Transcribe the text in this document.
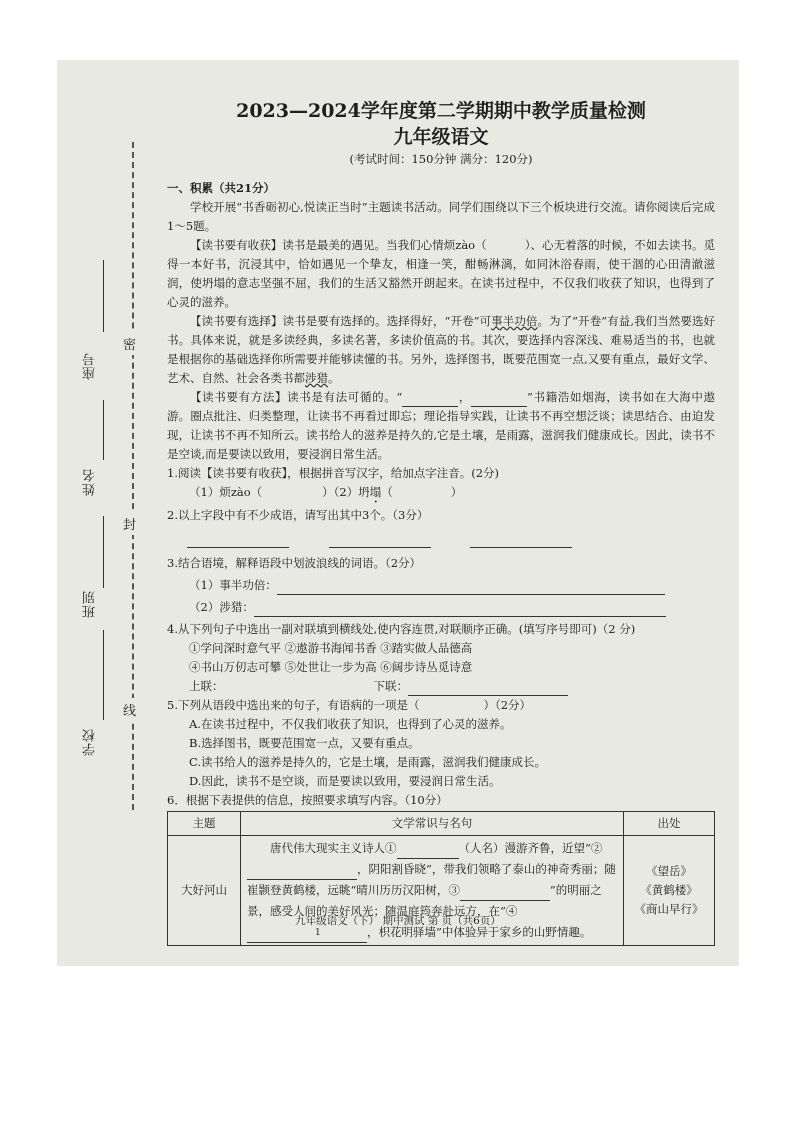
密
封
线
座号
姓名
班别
学校
2023—2024学年度第二学期期中教学质量检测
九年级语文
(考试时间：150分钟 满分：120分)
一、积累（共21分）

学校开展“书香砺初心,悦读正当时”主题读书活动。同学们围绕以下三个板块进行交流。请你阅读后完成1～5题。

【读书要有收获】读书是最美的遇见。当我们心情烦zào（	）、心无着落的时候，不如去读书。觅得一本好书，沉浸其中，恰如遇见一个挚友，相逢一笑，酣畅淋漓，如同沐浴春雨，使干涸的心田清澈滋润，使坍塌的意志坚强不屈，我们的生活又豁然开朗起来。在读书过程中，不仅我们收获了知识，也得到了心灵的滋养。

【读书要有选择】读书是要有选择的。选择得好，“开卷”可事半功倍。为了“开卷”有益,我们当然要选好书。具体来说，就是多读经典，多读名著，多读价值高的书。其次，要选择内容深浅、难易适当的书，也就是根据你的基础选择你所需要并能够读懂的书。另外，选择图书，既要范围宽一点,又要有重点，最好文学、艺术、自然、社会各类书都涉猎。

【读书要有方法】读书是有法可循的。“	，	”书籍浩如烟海，读书如在大海中遨游。圈点批注、归类整理，让读书不再看过即忘；理论指导实践，让读书不再空想泛谈；读思结合、由迫发现，让读书不再不知所云。读书给人的滋养是持久的,它是土壤，是雨露，滋润我们健康成长。因此，读书不是空谈,而是要读以致用，要浸润日常生活。

1.阅读【读书要有收获】，根据拼音写汉字，给加点字注音。(2分)
（1）烦zào（	）（2）坍塌（	）
2.以上字段中有不少成语，请写出其中3个。（3分）

3.结合语境，解释语段中划波浪线的词语。（2分）
（1）事半功倍：
（2）涉猎：
4.从下列句子中选出一副对联填到横线处,使内容连贯,对联顺序正确。(填写序号即可)（2 分)
①学问深时意气平 ②遨游书海闻书香 ③踏实做人品德高
④书山万仞志可攀 ⑤处世让一步为高 ⑥阔步诗丛觅诗意
上联：	下联：
5.下列从语段中选出来的句子，有语病的一项是（	）（2分）
A.在读书过程中，不仅我们收获了知识，也得到了心灵的滋养。
B.选择图书，既要范围宽一点，又要有重点。
C.读书给人的滋养是持久的，它是土壤，是雨露，滋润我们健康成长。
D.因此，读书不是空谈，而是要读以致用，要浸润日常生活。
6．根据下表提供的信息，按照要求填写内容。（10分）
主题	文学常识与名句	出处
大好河山	唐代伟大现实主义诗人① （人名）漫游齐鲁，近望“②，阴阳割昏晓”，带我们领略了泰山的神奇秀丽；随崔颢登黄鹤楼，远眺“晴川历历汉阳树，③ ”的明丽之景，感受人间的美好风光；随温庭筠奔赴远方，在“④，枳花明驿墙”中体验异于家乡的山野情趣。	《望岳》
《黄鹤楼》
《商山早行》
九年级语文（下） 期中测试 第 页（共6页）
1
